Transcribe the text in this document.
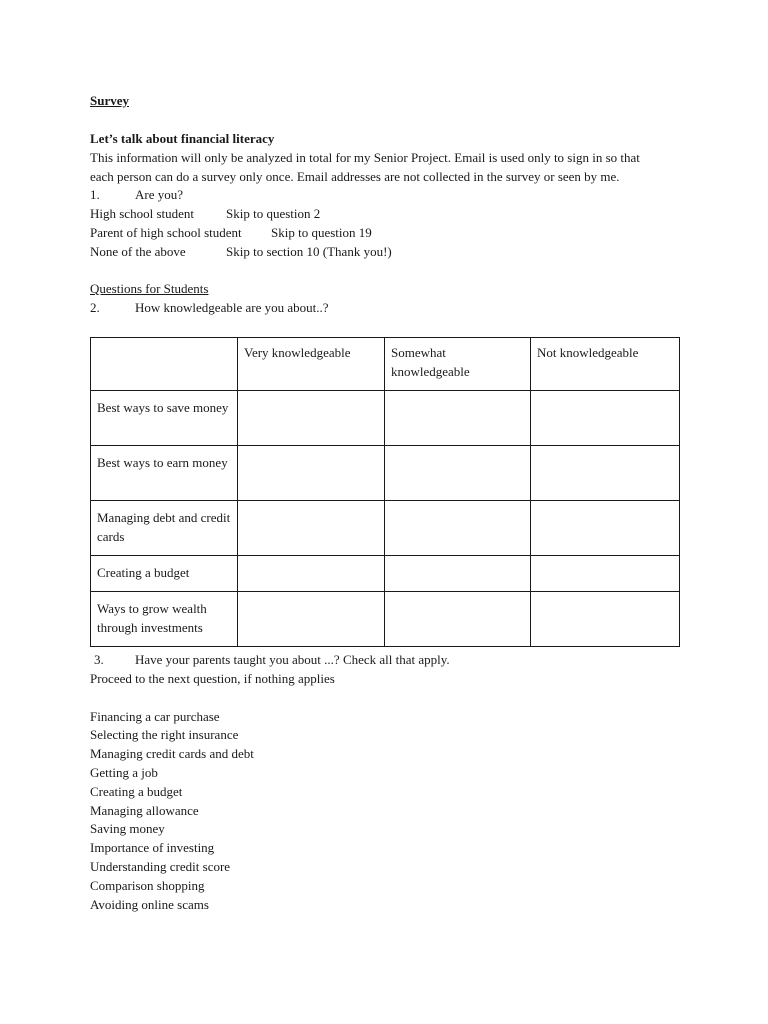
Survey
Let’s talk about financial literacy
This information will only be analyzed in total for my Senior Project. Email is used only to sign in so that
each person can do a survey only once. Email addresses are not collected in the survey or seen by me.
1.	Are you?
High school student Skip to question 2
Parent of high school student Skip to question 19
None of the above	Skip to section 10 (Thank you!)
Questions for Students
2.	How knowledgeable are you about..?
	Very knowledgeable	Somewhat knowledgeable	Not knowledgeable
Best ways to save money			
Best ways to earn money			
Managing debt and credit cards			
Creating a budget			
Ways to grow wealth through investments			
3. Have your parents taught you about ...? Check all that apply.
Proceed to the next question, if nothing applies
Financing a car purchase
Selecting the right insurance
Managing credit cards and debt
Getting a job
Creating a budget
Managing allowance
Saving money
Importance of investing
Understanding credit score
Comparison shopping
Avoiding online scams
